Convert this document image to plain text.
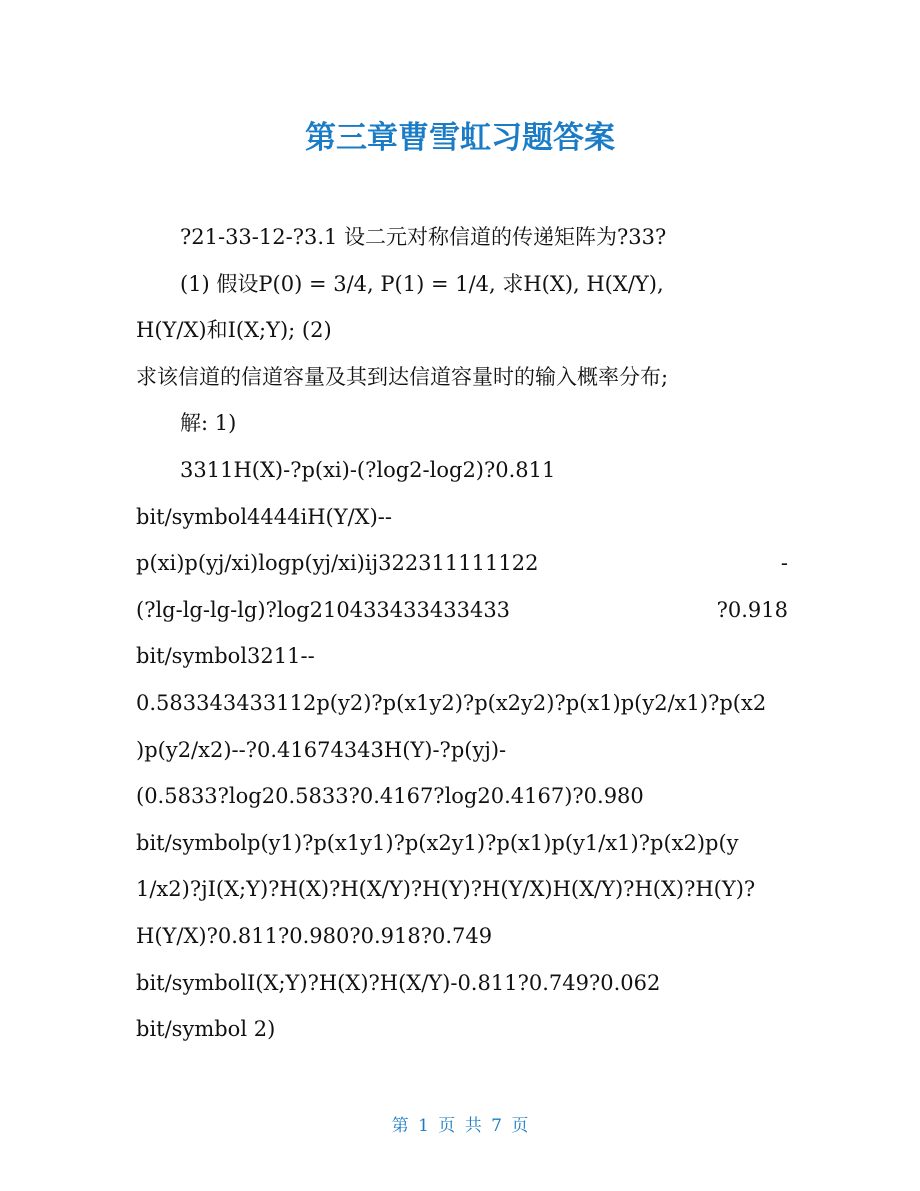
第三章曹雪虹习题答案
?21-33-12-?3.1 设二元对称信道的传递矩阵为?33?
(1) 假设P(0) = 3/4, P(1) = 1/4, 求H(X), H(X/Y),
H(Y/X)和I(X;Y); (2)
求该信道的信道容量及其到达信道容量时的输入概率分布;
解: 1)
3311H(X)-?p(xi)-(?log2-log2)?0.811
bit/symbol4444iH(Y/X)--
p(xi)p(yj/xi)logp(yj/xi)ij322311111122	-
(?lg-lg-lg-lg)?log210433433433433	?0.918
bit/symbol3211--
0.583343433112p(y2)?p(x1y2)?p(x2y2)?p(x1)p(y2/x1)?p(x2
)p(y2/x2)--?0.41674343H(Y)-?p(yj)-
(0.5833?log20.5833?0.4167?log20.4167)?0.980
bit/symbolp(y1)?p(x1y1)?p(x2y1)?p(x1)p(y1/x1)?p(x2)p(y
1/x2)?jI(X;Y)?H(X)?H(X/Y)?H(Y)?H(Y/X)H(X/Y)?H(X)?H(Y)?
H(Y/X)?0.811?0.980?0.918?0.749
bit/symbolI(X;Y)?H(X)?H(X/Y)-0.811?0.749?0.062
bit/symbol 2)
第 1 页 共 7 页
